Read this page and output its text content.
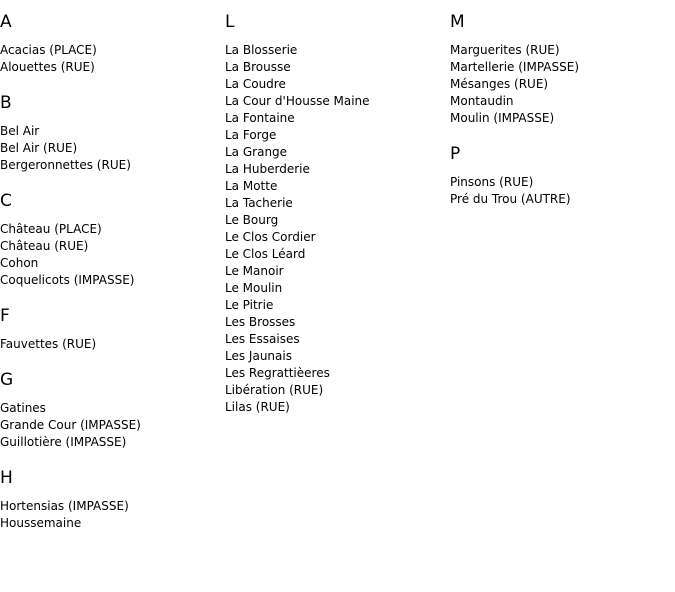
A
Acacias (PLACE)
Alouettes (RUE)
B
Bel Air
Bel Air (RUE)
Bergeronnettes (RUE)
C
Château (PLACE)
Château (RUE)
Cohon
Coquelicots (IMPASSE)
F
Fauvettes (RUE)
G
Gatines
Grande Cour (IMPASSE)
Guillotière (IMPASSE)
H
Hortensias (IMPASSE)
Houssemaine
L
La Blosserie
La Brousse
La Coudre
La Cour d'Housse Maine
La Fontaine
La Forge
La Grange
La Huberderie
La Motte
La Tacherie
Le Bourg
Le Clos Cordier
Le Clos Léard
Le Manoir
Le Moulin
Le Pitrie
Les Brosses
Les Essaises
Les Jaunais
Les Regrattièeres
Libération (RUE)
Lilas (RUE)
M
Marguerites (RUE)
Martellerie (IMPASSE)
Mésanges (RUE)
Montaudin
Moulin (IMPASSE)
P
Pinsons (RUE)
Pré du Trou (AUTRE)
